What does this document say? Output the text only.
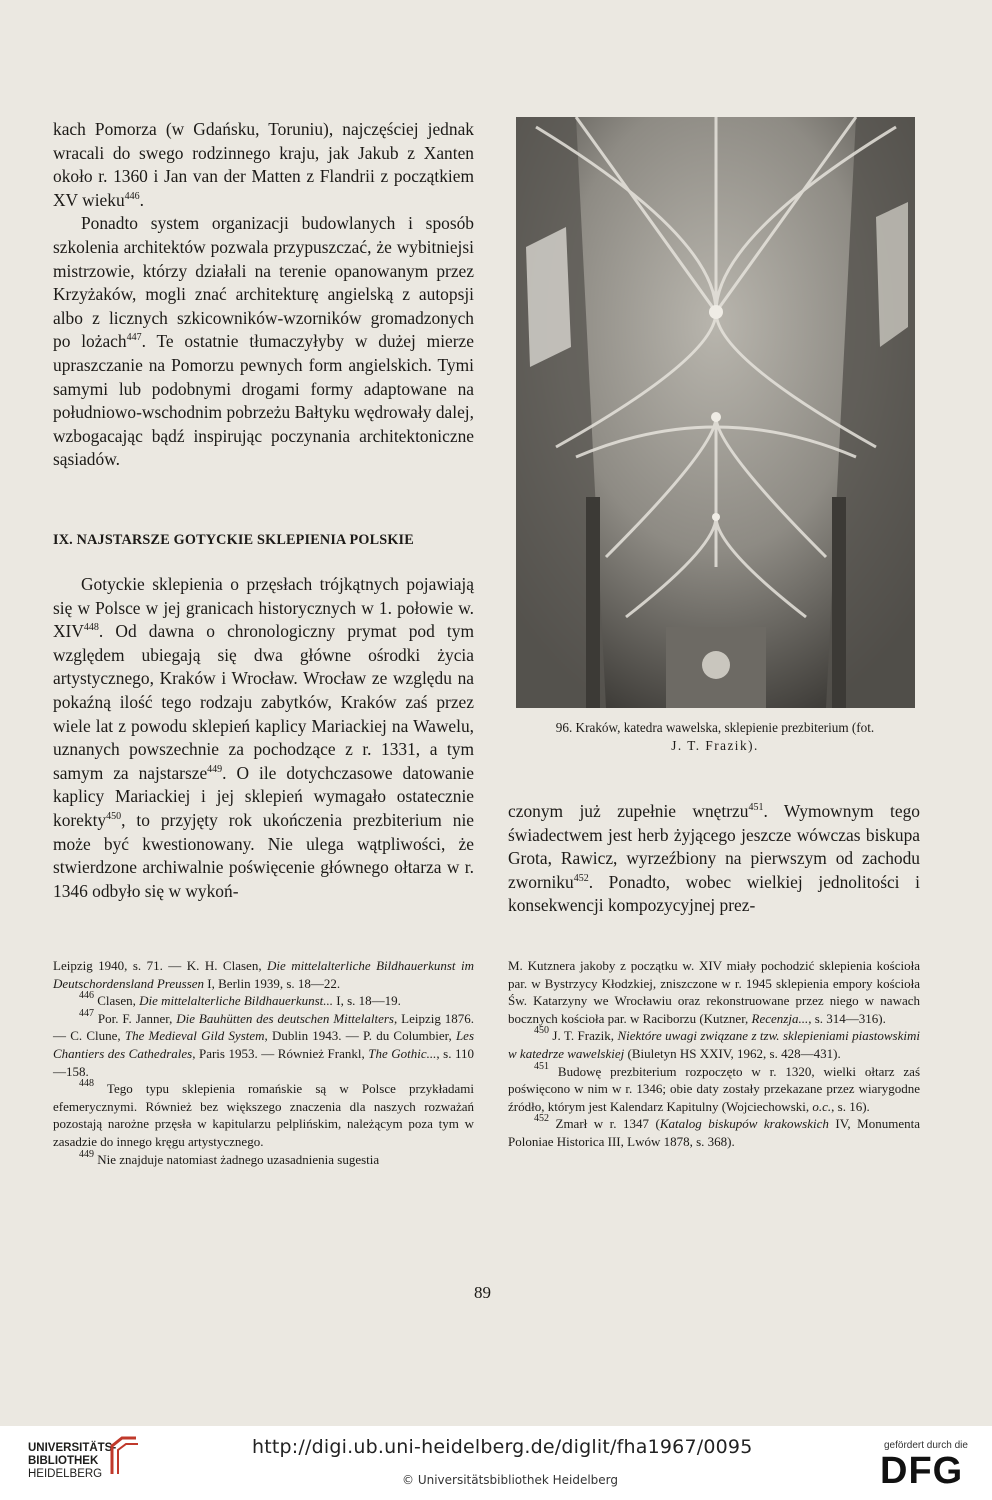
kach Pomorza (w Gdańsku, Toruniu), najczęściej jednak wracali do swego rodzinnego kraju, jak Jakub z Xanten około r. 1360 i Jan van der Matten z Flandrii z początkiem XV wieku$^{446}$.

Ponadto system organizacji budowlanych i sposób szkolenia architektów pozwala przypuszczać, że wybitniejsi mistrzowie, którzy działali na terenie opanowanym przez Krzyżaków, mogli znać architekturę angielską z autopsji albo z licznych szkicowników-wzorników gromadzonych po lożach$^{447}$. Te ostatnie tłumaczyłyby w dużej mierze upraszczanie na Pomorzu pewnych form angielskich. Tymi samymi lub podobnymi drogami formy adaptowane na południowo-wschodnim pobrzeżu Bałtyku wędrowały dalej, wzbogacając bądź inspirując poczynania architektoniczne sąsiadów.

IX. NAJSTARSZE GOTYCKIE SKLEPIENIA POLSKIE

Gotyckie sklepienia o przęsłach trójkątnych pojawiają się w Polsce w jej granicach historycznych w 1. połowie w. XIV$^{448}$. Od dawna o chronologiczny prymat pod tym względem ubiegają się dwa główne ośrodki życia artystycznego, Kraków i Wrocław. Wrocław ze względu na pokaźną ilość tego rodzaju zabytków, Kraków zaś przez wiele lat z powodu sklepień kaplicy Mariackiej na Wawelu, uznanych powszechnie za pochodzące z r. 1331, a tym samym za najstarsze$^{449}$. O ile dotychczasowe datowanie kaplicy Mariackiej i jej sklepień wymagało ostatecznie korekty$^{450}$, to przyjęty rok ukończenia prezbiterium nie może być kwestionowany. Nie ulega wątpliwości, że stwierdzone archiwalnie poświęcenie głównego ołtarza w r. 1346 odbyło się w wykoń-

96. Kraków, katedra wawelska, sklepienie prezbiterium (fot.
J. T. Frazik).

czonym już zupełnie wnętrzu$^{451}$. Wymownym tego świadectwem jest herb żyjącego jeszcze wówczas biskupa Grota, Rawicz, wyrzeźbiony na pierwszym od zachodu zworniku$^{452}$. Ponadto, wobec wielkiej jednolitości i konsekwencji kompozycyjnej prez-

Leipzig 1940, s. 71. — K. H. Clasen, Die mittelalterliche Bildhauerkunst im Deutschordensland Preussen I, Berlin 1939, s. 18—22.

$^{446}$ Clasen, Die mittelalterliche Bildhauerkunst... I, s. 18—19.

$^{447}$ Por. F. Janner, Die Bauhütten des deutschen Mittelalters, Leipzig 1876. — C. Clune, The Medieval Gild System, Dublin 1943. — P. du Columbier, Les Chantiers des Cathedrales, Paris 1953. — Również Frankl, The Gothic..., s. 110—158.

$^{448}$ Tego typu sklepienia romańskie są w Polsce przykładami efemerycznymi. Również bez większego znaczenia dla naszych rozważań pozostają narożne przęsła w kapitularzu pelplińskim, należącym poza tym w zasadzie do innego kręgu artystycznego.

$^{449}$ Nie znajduje natomiast żadnego uzasadnienia sugestia

M. Kutznera jakoby z początku w. XIV miały pochodzić sklepienia kościoła par. w Bystrzycy Kłodzkiej, zniszczone w r. 1945 sklepienia empory kościoła Św. Katarzyny we Wrocławiu oraz rekonstruowane przez niego w nawach bocznych kościoła par. w Raciborzu (Kutzner, Recenzja..., s. 314—316).

$^{450}$ J. T. Frazik, Niektóre uwagi związane z tzw. sklepieniami piastowskimi w katedrze wawelskiej (Biuletyn HS XXIV, 1962, s. 428—431).

$^{451}$ Budowę prezbiterium rozpoczęto w r. 1320, wielki ołtarz zaś poświęcono w nim w r. 1346; obie daty zostały przekazane przez wiarygodne źródło, którym jest Kalendarz Kapitulny (Wojciechowski, o.c., s. 16).

$^{452}$ Zmarł w r. 1347 (Katalog biskupów krakowskich IV, Monumenta Poloniae Historica III, Lwów 1878, s. 368).

89
UNIVERSITÄTS-
BIBLIOTHEK
HEIDELBERG
http://digi.ub.uni-heidelberg.de/diglit/fha1967/0095
© Universitätsbibliothek Heidelberg
gefördert durch die
DFG
